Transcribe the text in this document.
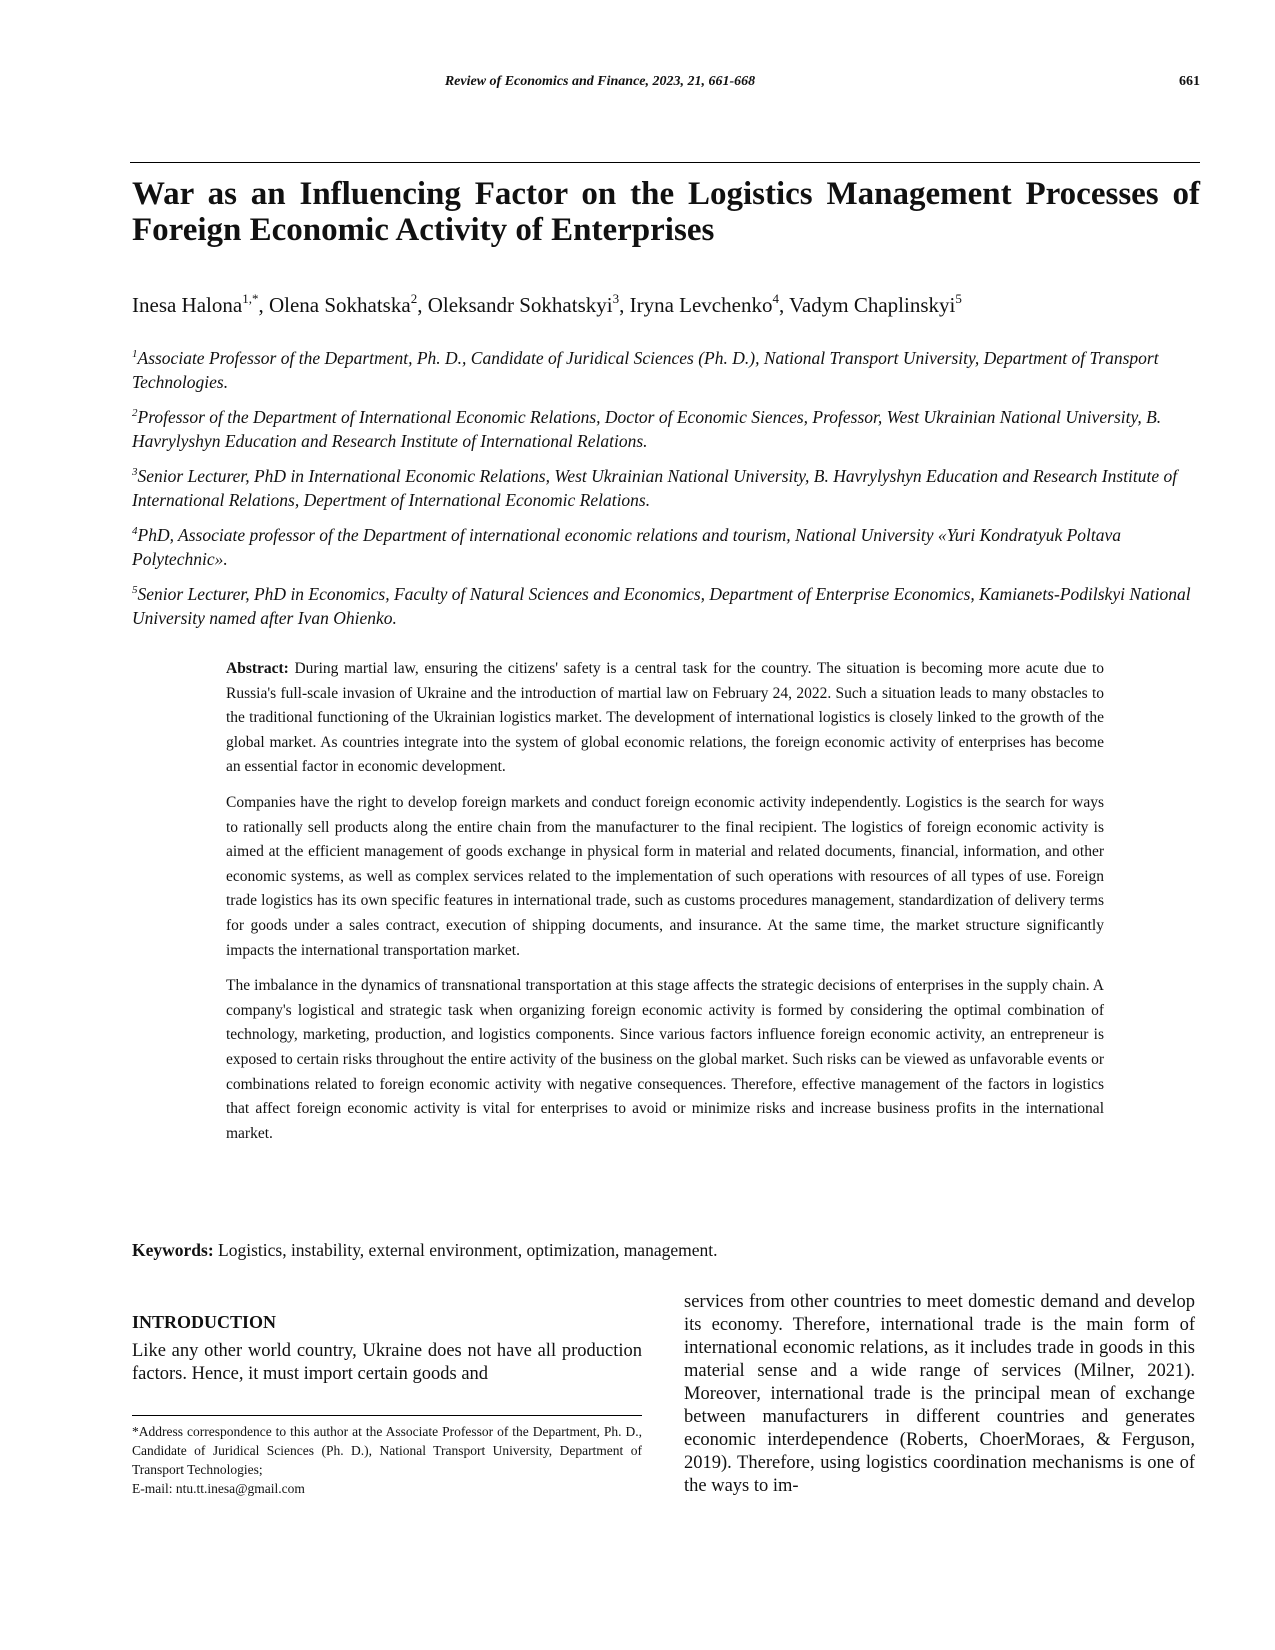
Review of Economics and Finance, 2023, 21, 661-668	661
War as an Influencing Factor on the Logistics Management Processes of Foreign Economic Activity of Enterprises
Inesa Halona$^{1,*}$, Olena Sokhatska$^2$, Oleksandr Sokhatskyi$^3$, Iryna Levchenko$^4$, Vadym Chaplinskyi$^5$

$^1$Associate Professor of the Department, Ph. D., Candidate of Juridical Sciences (Ph. D.), National Transport University, Department of Transport Technologies.

$^2$Professor of the Department of International Economic Relations, Doctor of Economic Siences, Professor, West Ukrainian National University, B. Havrylyshyn Education and Research Institute of International Relations.

$^3$Senior Lecturer, PhD in International Economic Relations, West Ukrainian National University, B. Havrylyshyn Education and Research Institute of International Relations, Depertment of International Economic Relations.

$^4$PhD, Associate professor of the Department of international economic relations and tourism, National University «Yuri Kondratyuk Poltava Polytechnic».

$^5$Senior Lecturer, PhD in Economics, Faculty of Natural Sciences and Economics, Department of Enterprise Economics, Kamianets-Podilskyi National University named after Ivan Ohienko.

Abstract: During martial law, ensuring the citizens' safety is a central task for the country. The situation is becoming more acute due to Russia's full-scale invasion of Ukraine and the introduction of martial law on February 24, 2022. Such a situation leads to many obstacles to the traditional functioning of the Ukrainian logistics market. The development of international logistics is closely linked to the growth of the global market. As countries integrate into the system of global economic relations, the foreign economic activity of enterprises has become an essential factor in economic development.

Companies have the right to develop foreign markets and conduct foreign economic activity independently. Logistics is the search for ways to rationally sell products along the entire chain from the manufacturer to the final recipient. The logistics of foreign economic activity is aimed at the efficient management of goods exchange in physical form in material and related documents, financial, information, and other economic systems, as well as complex services related to the implementation of such operations with resources of all types of use. Foreign trade logistics has its own specific features in international trade, such as customs procedures management, standardization of delivery terms for goods under a sales contract, execution of shipping documents, and insurance. At the same time, the market structure significantly impacts the international transportation market.

The imbalance in the dynamics of transnational transportation at this stage affects the strategic decisions of enterprises in the supply chain. A company's logistical and strategic task when organizing foreign economic activity is formed by considering the optimal combination of technology, marketing, production, and logistics components. Since various factors influence foreign economic activity, an entrepreneur is exposed to certain risks throughout the entire activity of the business on the global market. Such risks can be viewed as unfavorable events or combinations related to foreign economic activity with negative consequences. Therefore, effective management of the factors in logistics that affect foreign economic activity is vital for enterprises to avoid or minimize risks and increase business profits in the international market.

Keywords: Logistics, instability, external environment, optimization, management.
INTRODUCTION

Like any other world country, Ukraine does not have all production factors. Hence, it must import certain goods and

services from other countries to meet domestic demand and develop its economy. Therefore, international trade is the main form of international economic relations, as it includes trade in goods in this material sense and a wide range of services (Milner, 2021). Moreover, international trade is the principal mean of exchange between manufacturers in different countries and generates economic interdependence (Roberts, ChoerMoraes, & Ferguson, 2019). Therefore, using logistics coordination mechanisms is one of the ways to im-

*Address correspondence to this author at the Associate Professor of the Department, Ph. D., Candidate of Juridical Sciences (Ph. D.), National Transport University, Department of Transport Technologies;
E-mail: ntu.tt.inesa@gmail.com
